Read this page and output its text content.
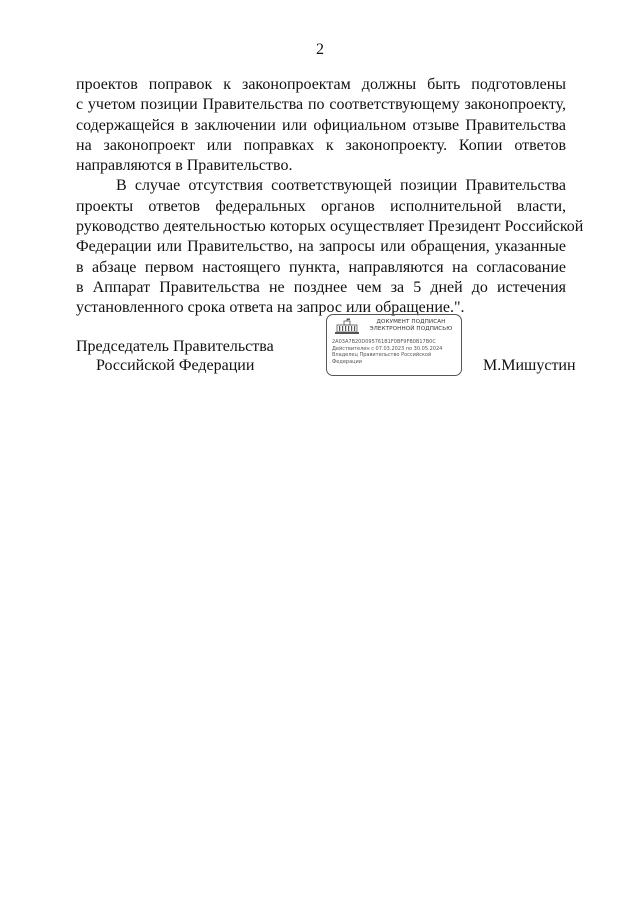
2

проектов поправок к законопроектам должны быть подготовлены
с учетом позиции Правительства по соответствующему законопроекту,
содержащейся в заключении или официальном отзыве Правительства
на законопроект или поправках к законопроекту. Копии ответов
направляются в Правительство.

В случае отсутствия соответствующей позиции Правительства
проекты ответов федеральных органов исполнительной власти,
руководство деятельностью которых осуществляет Президент Российской
Федерации или Правительство, на запросы или обращения, указанные
в абзаце первом настоящего пункта, направляются на согласование
в Аппарат Правительства не позднее чем за 5 дней до истечения
установленного срока ответа на запрос или обращение.".

Председатель Правительства
Российской Федерации
ДОКУМЕНТ ПОДПИСАН
ЭЛЕКТРОННОЙ ПОДПИСЬЮ
2A03A7B20D095761B1F0BF9FB0B17B0C
Действителен с 07.03.2023 по 30.05.2024
Владелец Правительство Российской
Федерации	М.Мишустин
